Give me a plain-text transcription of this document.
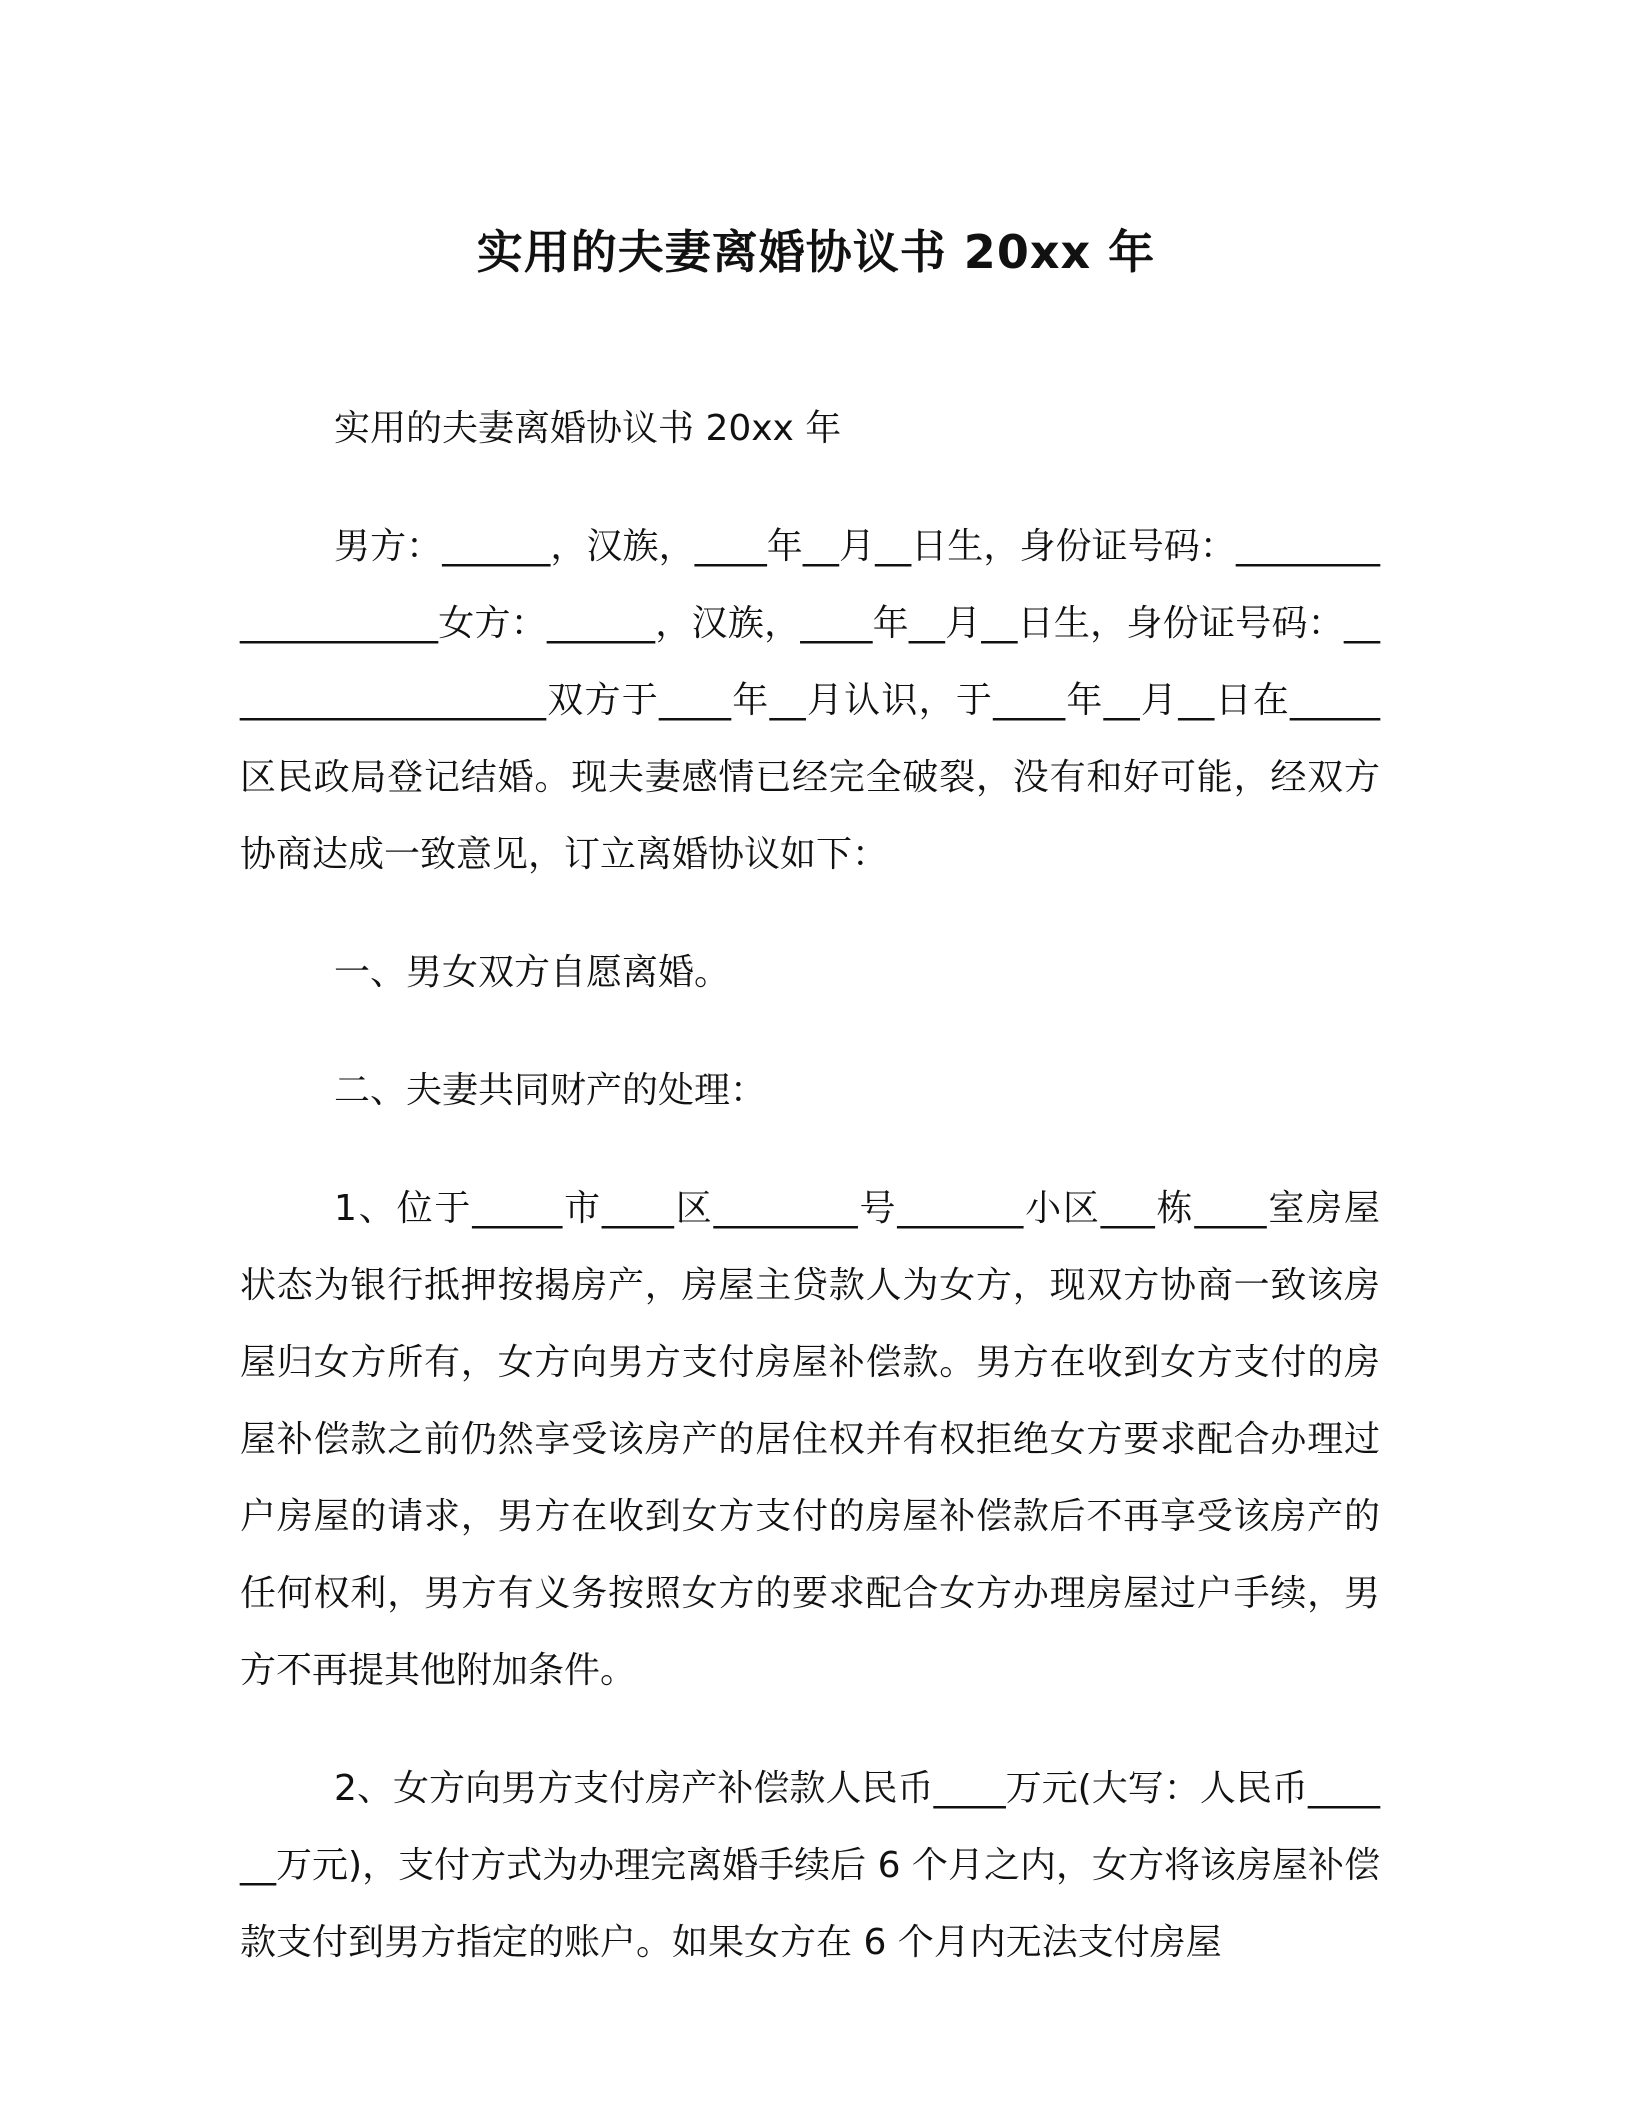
实用的夫妻离婚协议书 20xx 年

实用的夫妻离婚协议书 20xx 年

男方：______，汉族，____年__月__日生，身份证号码：___________________女方：______，汉族，____年__月__日生，身份证号码：___________________双方于____年__月认识，于____年__月__日在_____区民政局登记结婚。现夫妻感情已经完全破裂，没有和好可能，经双方协商达成一致意见，订立离婚协议如下：

一、男女双方自愿离婚。

二、夫妻共同财产的处理：

1、位于_____市____区________号_______小区___栋____室房屋状态为银行抵押按揭房产，房屋主贷款人为女方，现双方协商一致该房屋归女方所有，女方向男方支付房屋补偿款。男方在收到女方支付的房屋补偿款之前仍然享受该房产的居住权并有权拒绝女方要求配合办理过户房屋的请求，男方在收到女方支付的房屋补偿款后不再享受该房产的任何权利，男方有义务按照女方的要求配合女方办理房屋过户手续，男方不再提其他附加条件。

2、女方向男方支付房产补偿款人民币____万元(大写：人民币______万元)，支付方式为办理完离婚手续后 6 个月之内，女方将该房屋补偿款支付到男方指定的账户。如果女方在 6 个月内无法支付房屋
